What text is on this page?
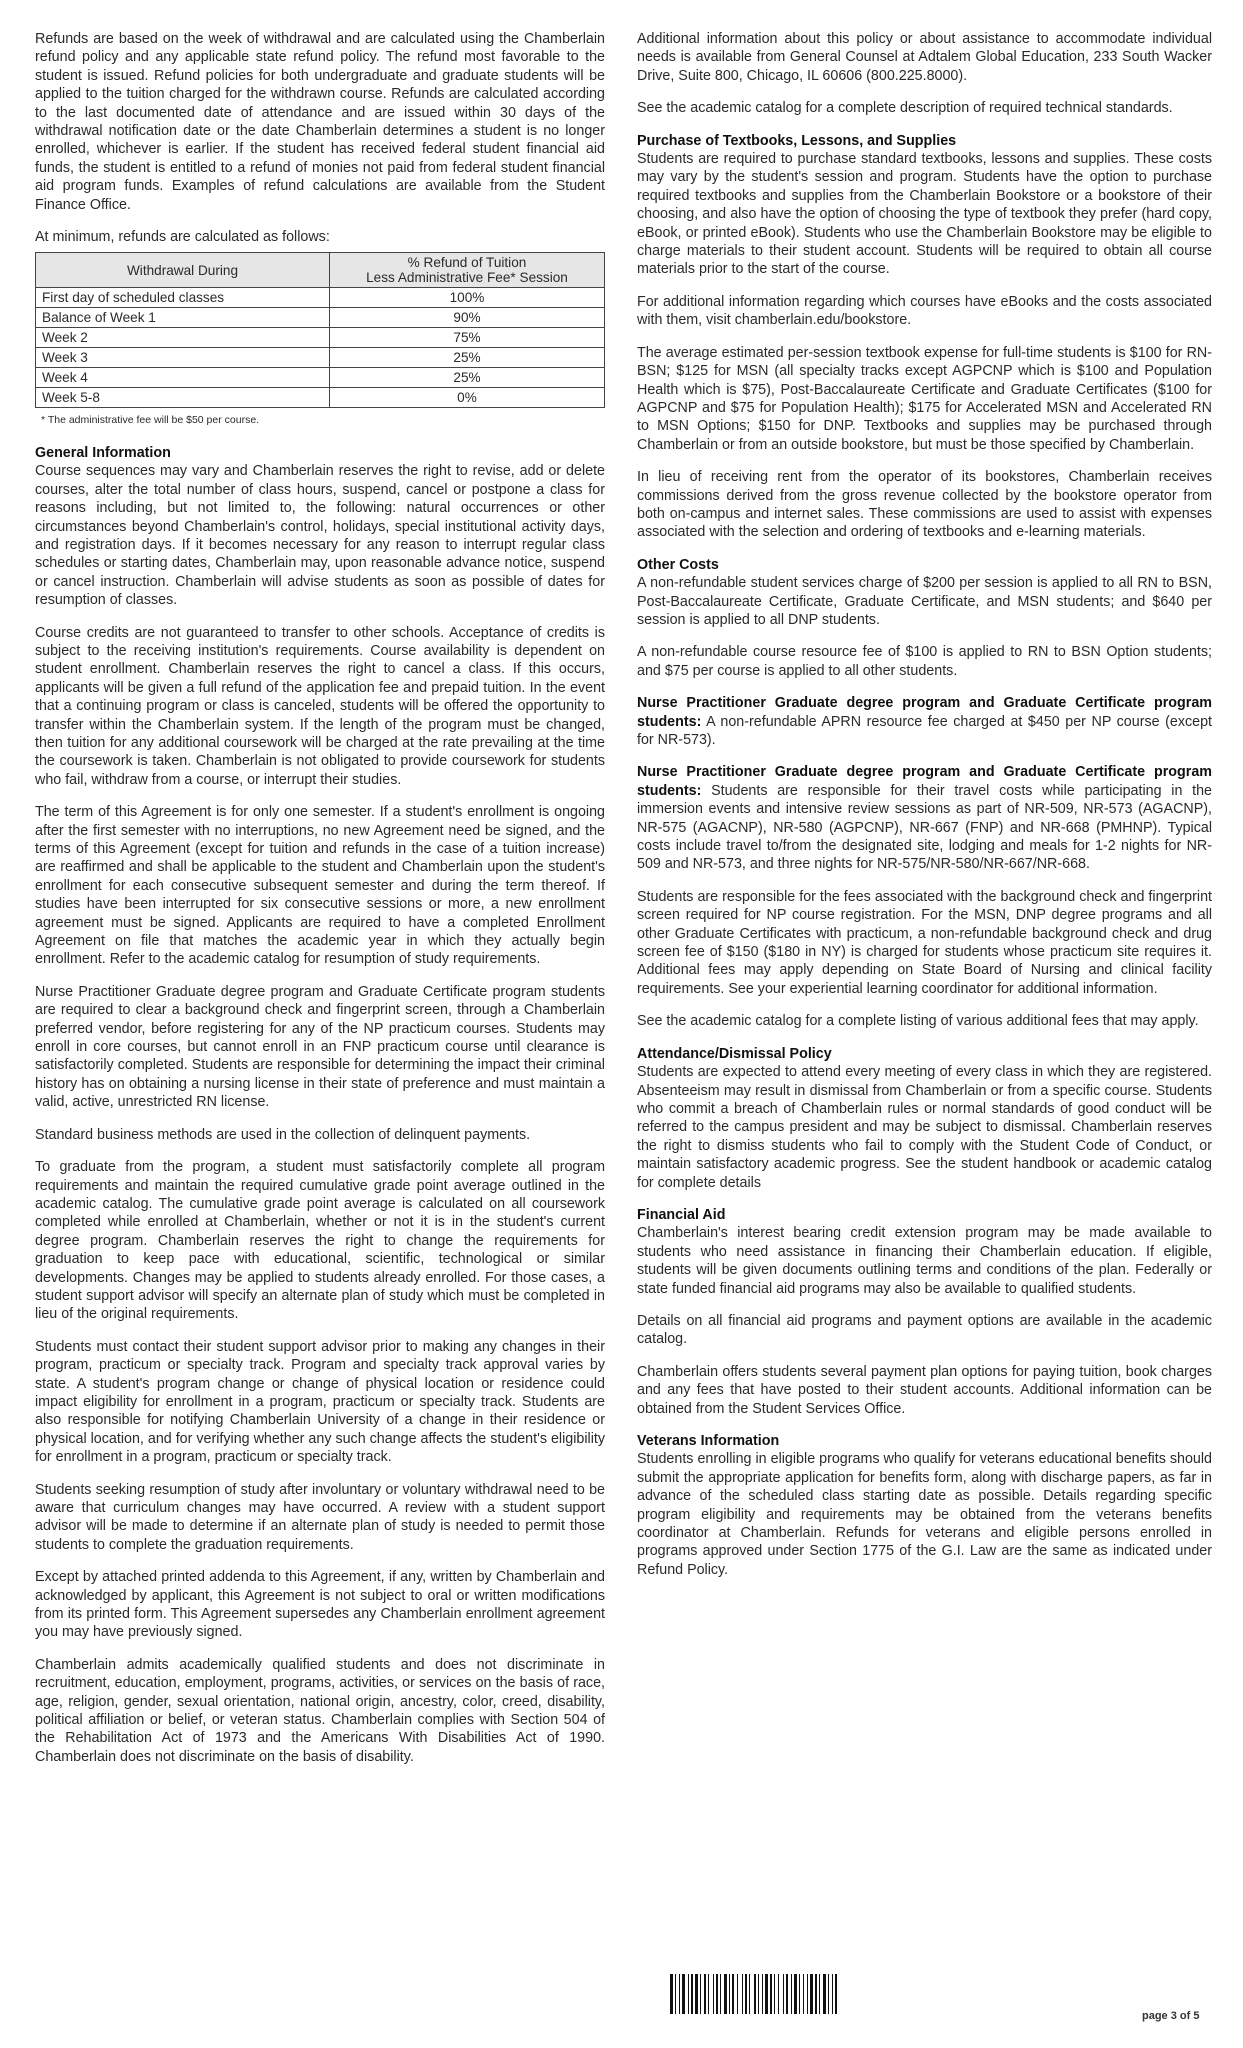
Refunds are based on the week of withdrawal and are calculated using the Chamberlain refund policy and any applicable state refund policy. The refund most favorable to the student is issued. Refund policies for both undergraduate and graduate students will be applied to the tuition charged for the withdrawn course. Refunds are calculated according to the last documented date of attendance and are issued within 30 days of the withdrawal notification date or the date Chamberlain determines a student is no longer enrolled, whichever is earlier. If the student has received federal student financial aid funds, the student is entitled to a refund of monies not paid from federal student financial aid program funds. Examples of refund calculations are available from the Student Finance Office.

At minimum, refunds are calculated as follows:

Withdrawal During	% Refund of Tuition
Less Administrative Fee* Session
First day of scheduled classes	100%
Balance of Week 1	90%
Week 2	75%
Week 3	25%
Week 4	25%
Week 5-8	0%

* The administrative fee will be $50 per course.

General Information

Course sequences may vary and Chamberlain reserves the right to revise, add or delete courses, alter the total number of class hours, suspend, cancel or postpone a class for reasons including, but not limited to, the following: natural occurrences or other circumstances beyond Chamberlain's control, holidays, special institutional activity days, and registration days. If it becomes necessary for any reason to interrupt regular class schedules or starting dates, Chamberlain may, upon reasonable advance notice, suspend or cancel instruction. Chamberlain will advise students as soon as possible of dates for resumption of classes.

Course credits are not guaranteed to transfer to other schools. Acceptance of credits is subject to the receiving institution's requirements. Course availability is dependent on student enrollment. Chamberlain reserves the right to cancel a class. If this occurs, applicants will be given a full refund of the application fee and prepaid tuition. In the event that a continuing program or class is canceled, students will be offered the opportunity to transfer within the Chamberlain system. If the length of the program must be changed, then tuition for any additional coursework will be charged at the rate prevailing at the time the coursework is taken. Chamberlain is not obligated to provide coursework for students who fail, withdraw from a course, or interrupt their studies.

The term of this Agreement is for only one semester. If a student's enrollment is ongoing after the first semester with no interruptions, no new Agreement need be signed, and the terms of this Agreement (except for tuition and refunds in the case of a tuition increase) are reaffirmed and shall be applicable to the student and Chamberlain upon the student's enrollment for each consecutive subsequent semester and during the term thereof. If studies have been interrupted for six consecutive sessions or more, a new enrollment agreement must be signed. Applicants are required to have a completed Enrollment Agreement on file that matches the academic year in which they actually begin enrollment. Refer to the academic catalog for resumption of study requirements.

Nurse Practitioner Graduate degree program and Graduate Certificate program students are required to clear a background check and fingerprint screen, through a Chamberlain preferred vendor, before registering for any of the NP practicum courses. Students may enroll in core courses, but cannot enroll in an FNP practicum course until clearance is satisfactorily completed. Students are responsible for determining the impact their criminal history has on obtaining a nursing license in their state of preference and must maintain a valid, active, unrestricted RN license.

Standard business methods are used in the collection of delinquent payments.

To graduate from the program, a student must satisfactorily complete all program requirements and maintain the required cumulative grade point average outlined in the academic catalog. The cumulative grade point average is calculated on all coursework completed while enrolled at Chamberlain, whether or not it is in the student's current degree program. Chamberlain reserves the right to change the requirements for graduation to keep pace with educational, scientific, technological or similar developments. Changes may be applied to students already enrolled. For those cases, a student support advisor will specify an alternate plan of study which must be completed in lieu of the original requirements.

Students must contact their student support advisor prior to making any changes in their program, practicum or specialty track. Program and specialty track approval varies by state. A student's program change or change of physical location or residence could impact eligibility for enrollment in a program, practicum or specialty track. Students are also responsible for notifying Chamberlain University of a change in their residence or physical location, and for verifying whether any such change affects the student's eligibility for enrollment in a program, practicum or specialty track.

Students seeking resumption of study after involuntary or voluntary withdrawal need to be aware that curriculum changes may have occurred. A review with a student support advisor will be made to determine if an alternate plan of study is needed to permit those students to complete the graduation requirements.

Except by attached printed addenda to this Agreement, if any, written by Chamberlain and acknowledged by applicant, this Agreement is not subject to oral or written modifications from its printed form. This Agreement supersedes any Chamberlain enrollment agreement you may have previously signed.

Chamberlain admits academically qualified students and does not discriminate in recruitment, education, employment, programs, activities, or services on the basis of race, age, religion, gender, sexual orientation, national origin, ancestry, color, creed, disability, political affiliation or belief, or veteran status. Chamberlain complies with Section 504 of the Rehabilitation Act of 1973 and the Americans With Disabilities Act of 1990. Chamberlain does not discriminate on the basis of disability.

Additional information about this policy or about assistance to accommodate individual needs is available from General Counsel at Adtalem Global Education, 233 South Wacker Drive, Suite 800, Chicago, IL 60606 (800.225.8000).

See the academic catalog for a complete description of required technical standards.

Purchase of Textbooks, Lessons, and Supplies

Students are required to purchase standard textbooks, lessons and supplies. These costs may vary by the student's session and program. Students have the option to purchase required textbooks and supplies from the Chamberlain Bookstore or a bookstore of their choosing, and also have the option of choosing the type of textbook they prefer (hard copy, eBook, or printed eBook). Students who use the Chamberlain Bookstore may be eligible to charge materials to their student account. Students will be required to obtain all course materials prior to the start of the course.

For additional information regarding which courses have eBooks and the costs associated with them, visit chamberlain.edu/bookstore.

The average estimated per-session textbook expense for full-time students is $100 for RN-BSN; $125 for MSN (all specialty tracks except AGPCNP which is $100 and Population Health which is $75), Post-Baccalaureate Certificate and Graduate Certificates ($100 for AGPCNP and $75 for Population Health); $175 for Accelerated MSN and Accelerated RN to MSN Options; $150 for DNP. Textbooks and supplies may be purchased through Chamberlain or from an outside bookstore, but must be those specified by Chamberlain.

In lieu of receiving rent from the operator of its bookstores, Chamberlain receives commissions derived from the gross revenue collected by the bookstore operator from both on-campus and internet sales. These commissions are used to assist with expenses associated with the selection and ordering of textbooks and e-learning materials.

Other Costs

A non-refundable student services charge of $200 per session is applied to all RN to BSN, Post-Baccalaureate Certificate, Graduate Certificate, and MSN students; and $640 per session is applied to all DNP students.

A non-refundable course resource fee of $100 is applied to RN to BSN Option students; and $75 per course is applied to all other students.

Nurse Practitioner Graduate degree program and Graduate Certificate program students: A non-refundable APRN resource fee charged at $450 per NP course (except for NR-573).

Nurse Practitioner Graduate degree program and Graduate Certificate program students: Students are responsible for their travel costs while participating in the immersion events and intensive review sessions as part of NR-509, NR-573 (AGACNP), NR-575 (AGACNP), NR-580 (AGPCNP), NR-667 (FNP) and NR-668 (PMHNP). Typical costs include travel to/from the designated site, lodging and meals for 1-2 nights for NR-509 and NR-573, and three nights for NR-575/NR-580/NR-667/NR-668.

Students are responsible for the fees associated with the background check and fingerprint screen required for NP course registration. For the MSN, DNP degree programs and all other Graduate Certificates with practicum, a non-refundable background check and drug screen fee of $150 ($180 in NY) is charged for students whose practicum site requires it. Additional fees may apply depending on State Board of Nursing and clinical facility requirements. See your experiential learning coordinator for additional information.

See the academic catalog for a complete listing of various additional fees that may apply.

Attendance/Dismissal Policy

Students are expected to attend every meeting of every class in which they are registered. Absenteeism may result in dismissal from Chamberlain or from a specific course. Students who commit a breach of Chamberlain rules or normal standards of good conduct will be referred to the campus president and may be subject to dismissal. Chamberlain reserves the right to dismiss students who fail to comply with the Student Code of Conduct, or maintain satisfactory academic progress. See the student handbook or academic catalog for complete details

Financial Aid

Chamberlain's interest bearing credit extension program may be made available to students who need assistance in financing their Chamberlain education. If eligible, students will be given documents outlining terms and conditions of the plan. Federally or state funded financial aid programs may also be available to qualified students.

Details on all financial aid programs and payment options are available in the academic catalog.

Chamberlain offers students several payment plan options for paying tuition, book charges and any fees that have posted to their student accounts. Additional information can be obtained from the Student Services Office.

Veterans Information

Students enrolling in eligible programs who qualify for veterans educational benefits should submit the appropriate application for benefits form, along with discharge papers, as far in advance of the scheduled class starting date as possible. Details regarding specific program eligibility and requirements may be obtained from the veterans benefits coordinator at Chamberlain. Refunds for veterans and eligible persons enrolled in programs approved under Section 1775 of the G.I. Law are the same as indicated under Refund Policy.

page 3 of 5
